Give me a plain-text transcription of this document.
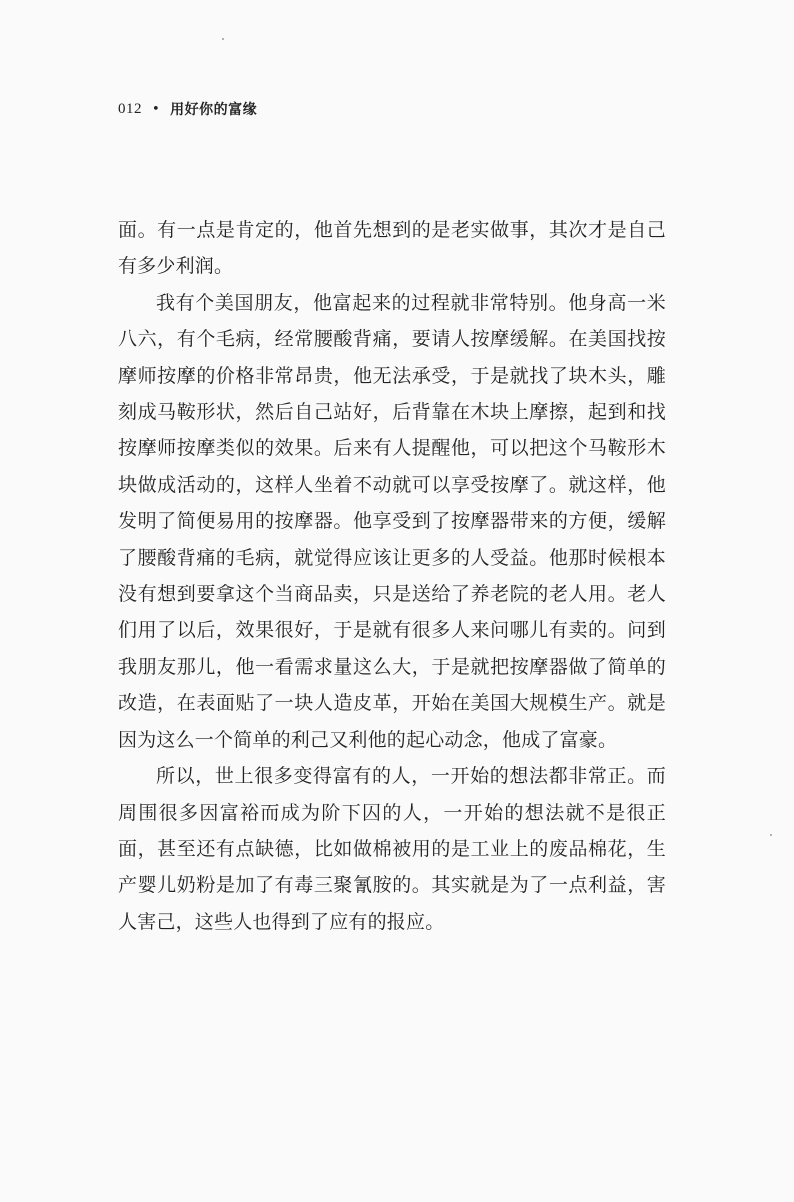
012 • 用好你的富缘

面。有一点是肯定的，他首先想到的是老实做事，其次才是自己有多少利润。

我有个美国朋友，他富起来的过程就非常特别。他身高一米八六，有个毛病，经常腰酸背痛，要请人按摩缓解。在美国找按摩师按摩的价格非常昂贵，他无法承受，于是就找了块木头，雕刻成马鞍形状，然后自己站好，后背靠在木块上摩擦，起到和找按摩师按摩类似的效果。后来有人提醒他，可以把这个马鞍形木块做成活动的，这样人坐着不动就可以享受按摩了。就这样，他发明了简便易用的按摩器。他享受到了按摩器带来的方便，缓解了腰酸背痛的毛病，就觉得应该让更多的人受益。他那时候根本没有想到要拿这个当商品卖，只是送给了养老院的老人用。老人们用了以后，效果很好，于是就有很多人来问哪儿有卖的。问到我朋友那儿，他一看需求量这么大，于是就把按摩器做了简单的改造，在表面贴了一块人造皮革，开始在美国大规模生产。就是因为这么一个简单的利己又利他的起心动念，他成了富豪。

所以，世上很多变得富有的人，一开始的想法都非常正。而周围很多因富裕而成为阶下囚的人，一开始的想法就不是很正面，甚至还有点缺德，比如做棉被用的是工业上的废品棉花，生产婴儿奶粉是加了有毒三聚氰胺的。其实就是为了一点利益，害人害己，这些人也得到了应有的报应。
